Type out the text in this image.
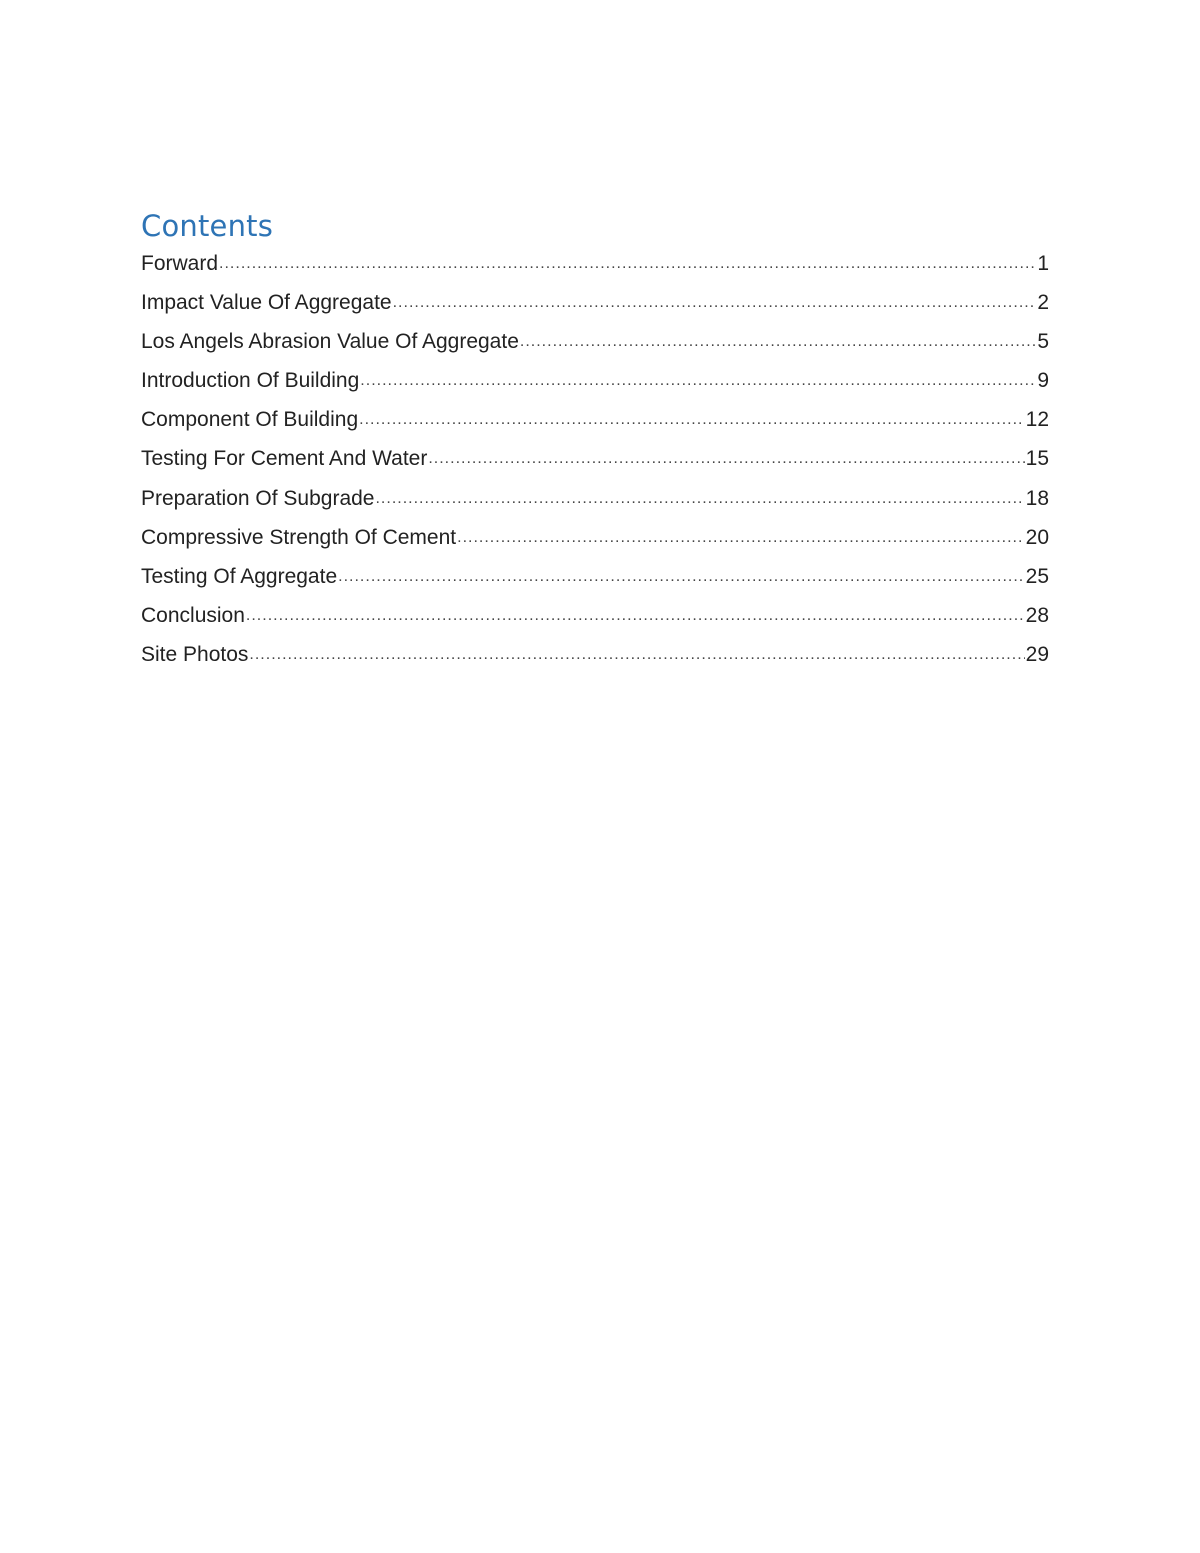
Contents
Forward .....	1
Impact Value Of Aggregate .....	2
Los Angels Abrasion Value Of Aggregate .....	5
Introduction Of Building .....	9
Component Of Building .....	12
Testing For Cement And Water .....	15
Preparation Of Subgrade .....	18
Compressive Strength Of Cement .....	20
Testing Of Aggregate .....	25
Conclusion .....	28
Site Photos .....	29
